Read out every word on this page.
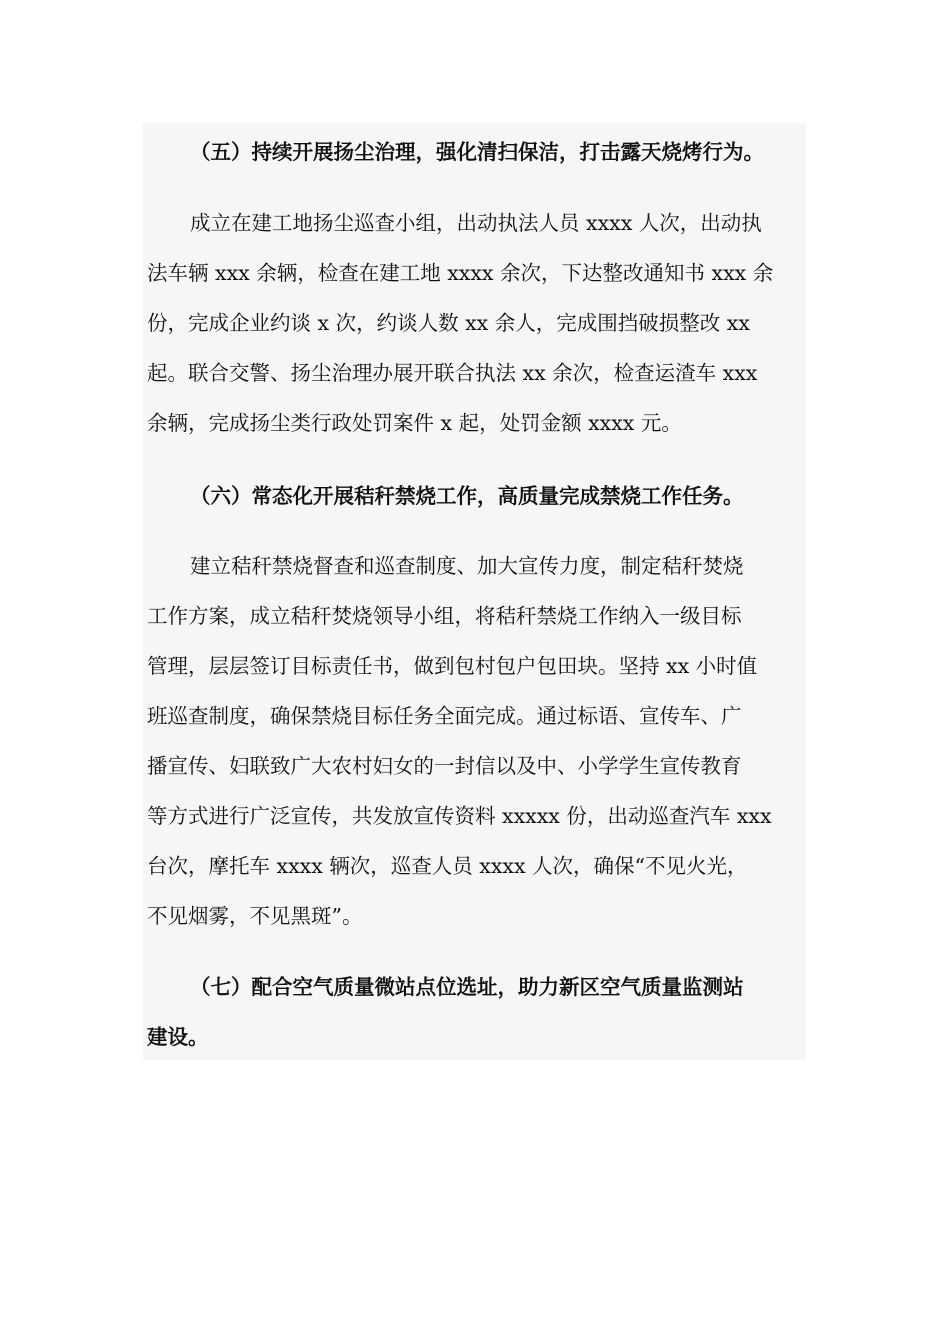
（五）持续开展扬尘治理，强化清扫保洁，打击露天烧烤行为。
成立在建工地扬尘巡查小组，出动执法人员 xxxx 人次，出动执
法车辆 xxx 余辆，检查在建工地 xxxx 余次，下达整改通知书 xxx 余
份，完成企业约谈 x 次，约谈人数 xx 余人，完成围挡破损整改 xx
起。联合交警、扬尘治理办展开联合执法 xx 余次，检查运渣车 xxx
余辆，完成扬尘类行政处罚案件 x 起，处罚金额 xxxx 元。
（六）常态化开展秸秆禁烧工作，高质量完成禁烧工作任务。
建立秸秆禁烧督查和巡查制度、加大宣传力度，制定秸秆焚烧
工作方案，成立秸秆焚烧领导小组，将秸秆禁烧工作纳入一级目标
管理，层层签订目标责任书，做到包村包户包田块。坚持 xx 小时值
班巡查制度，确保禁烧目标任务全面完成。通过标语、宣传车、广
播宣传、妇联致广大农村妇女的一封信以及中、小学学生宣传教育
等方式进行广泛宣传，共发放宣传资料 xxxxx 份，出动巡查汽车 xxx
台次，摩托车 xxxx 辆次，巡查人员 xxxx 人次，确保“不见火光，
不见烟雾，不见黑斑”。
（七）配合空气质量微站点位选址，助力新区空气质量监测站
建设。
